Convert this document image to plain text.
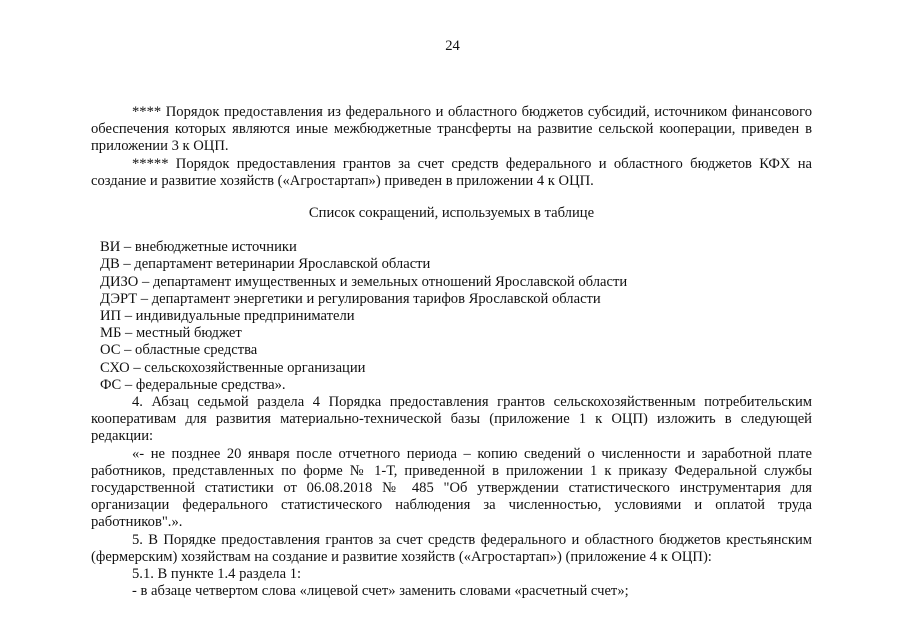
24

**** Порядок предоставления из федерального и областного бюджетов субсидий, источником финансового обеспечения которых являются иные межбюджетные трансферты на развитие сельской кооперации, приведен в приложении 3 к ОЦП.

***** Порядок предоставления грантов за счет средств федерального и областного бюджетов КФХ на создание и развитие хозяйств («Агростартап») приведен в приложении 4 к ОЦП.

Список сокращений, используемых в таблице

ВИ – внебюджетные источники
ДВ – департамент ветеринарии Ярославской области
ДИЗО – департамент имущественных и земельных отношений Ярославской области
ДЭРТ – департамент энергетики и регулирования тарифов Ярославской области
ИП – индивидуальные предприниматели
МБ – местный бюджет
ОС – областные средства
СХО – сельскохозяйственные организации
ФС – федеральные средства».

4. Абзац седьмой раздела 4 Порядка предоставления грантов сельскохозяйственным потребительским кооперативам для развития материально-технической базы (приложение 1 к ОЦП) изложить в следующей редакции:

«- не позднее 20 января после отчетного периода – копию сведений о численности и заработной плате работников, представленных по форме № 1-Т, приведенной в приложении 1 к приказу Федеральной службы государственной статистики от 06.08.2018 № 485 "Об утверждении статистического инструментария для организации федерального статистического наблюдения за численностью, условиями и оплатой труда работников".».

5. В Порядке предоставления грантов за счет средств федерального и областного бюджетов крестьянским (фермерским) хозяйствам на создание и развитие хозяйств («Агростартап») (приложение 4 к ОЦП):

5.1. В пункте 1.4 раздела 1:

- в абзаце четвертом слова «лицевой счет» заменить словами «расчетный счет»;
